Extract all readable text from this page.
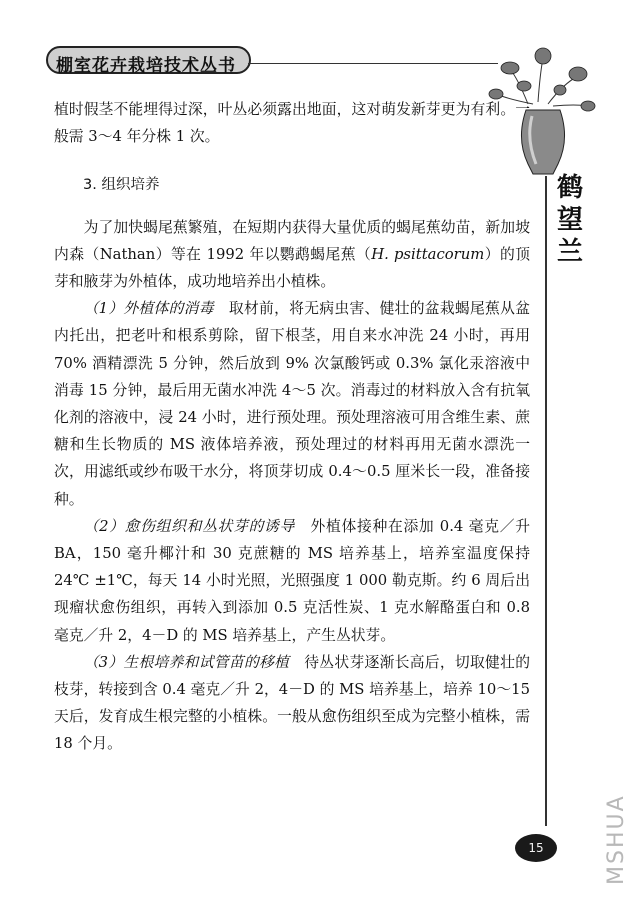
棚室花卉栽培技术丛书
鹤
望
兰

植时假茎不能埋得过深，叶丛必须露出地面，这对萌发新芽更为有利。一般需 3～4 年分株 1 次。

3. 组织培养

为了加快蝎尾蕉繁殖，在短期内获得大量优质的蝎尾蕉幼苗，新加坡内森（Nathan）等在 1992 年以鹦鹉蝎尾蕉（H. psittacorum）的顶芽和腋芽为外植体，成功地培养出小植株。

（1）外植体的消毒　取材前，将无病虫害、健壮的盆栽蝎尾蕉从盆内托出，把老叶和根系剪除，留下根茎，用自来水冲洗 24 小时，再用 70% 酒精漂洗 5 分钟，然后放到 9% 次氯酸钙或 0.3% 氯化汞溶液中消毒 15 分钟，最后用无菌水冲洗 4～5 次。消毒过的材料放入含有抗氧化剂的溶液中，浸 24 小时，进行预处理。预处理溶液可用含维生素、蔗糖和生长物质的 MS 液体培养液，预处理过的材料再用无菌水漂洗一次，用滤纸或纱布吸干水分，将顶芽切成 0.4～0.5 厘米长一段，准备接种。

（2）愈伤组织和丛状芽的诱导　外植体接种在添加 0.4 毫克／升 BA，150 毫升椰汁和 30 克蔗糖的 MS 培养基上，培养室温度保持 24℃ ±1℃，每天 14 小时光照，光照强度 1 000 勒克斯。约 6 周后出现瘤状愈伤组织，再转入到添加 0.5 克活性炭、1 克水解酪蛋白和 0.8 毫克／升 2，4－D 的 MS 培养基上，产生丛状芽。

（3）生根培养和试管苗的移植　待丛状芽逐渐长高后，切取健壮的枝芽，转接到含 0.4 毫克／升 2，4－D 的 MS 培养基上，培养 10～15 天后，发育成生根完整的小植株。一般从愈伤组织至成为完整小植株，需 18 个月。

15	MSHUA
